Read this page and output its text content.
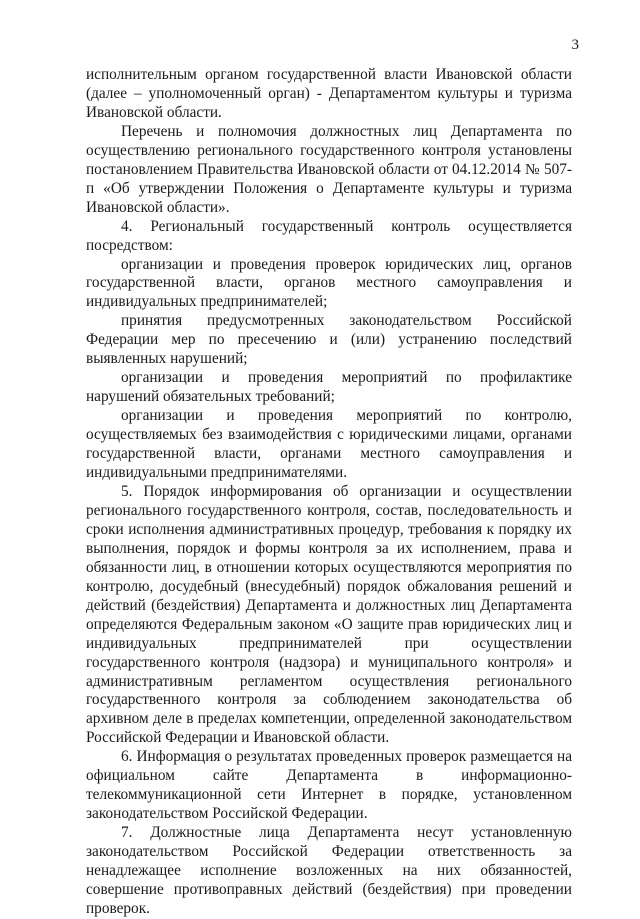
3

исполнительным органом государственной власти Ивановской области (далее – уполномоченный орган) - Департаментом культуры и туризма Ивановской области.

Перечень и полномочия должностных лиц Департамента по осуществлению регионального государственного контроля установлены постановлением Правительства Ивановской области от 04.12.2014 № 507-п «Об утверждении Положения о Департаменте культуры и туризма Ивановской области».

4. Региональный государственный контроль осуществляется посредством:

организации и проведения проверок юридических лиц, органов государственной власти, органов местного самоуправления и индивидуальных предпринимателей;

принятия предусмотренных законодательством Российской Федерации мер по пресечению и (или) устранению последствий выявленных нарушений;

организации и проведения мероприятий по профилактике нарушений обязательных требований;

организации и проведения мероприятий по контролю, осуществляемых без взаимодействия с юридическими лицами, органами государственной власти, органами местного самоуправления и индивидуальными предпринимателями.

5. Порядок информирования об организации и осуществлении регионального государственного контроля, состав, последовательность и сроки исполнения административных процедур, требования к порядку их выполнения, порядок и формы контроля за их исполнением, права и обязанности лиц, в отношении которых осуществляются мероприятия по контролю, досудебный (внесудебный) порядок обжалования решений и действий (бездействия) Департамента и должностных лиц Департамента определяются Федеральным законом «О защите прав юридических лиц и индивидуальных предпринимателей при осуществлении государственного контроля (надзора) и муниципального контроля» и административным регламентом осуществления регионального государственного контроля за соблюдением законодательства об архивном деле в пределах компетенции, определенной законодательством Российской Федерации и Ивановской области.

6. Информация о результатах проведенных проверок размещается на официальном сайте Департамента в информационно-телекоммуникационной сети Интернет в порядке, установленном законодательством Российской Федерации.

7. Должностные лица Департамента несут установленную законодательством Российской Федерации ответственность за ненадлежащее исполнение возложенных на них обязанностей, совершение противоправных действий (бездействия) при проведении проверок.
